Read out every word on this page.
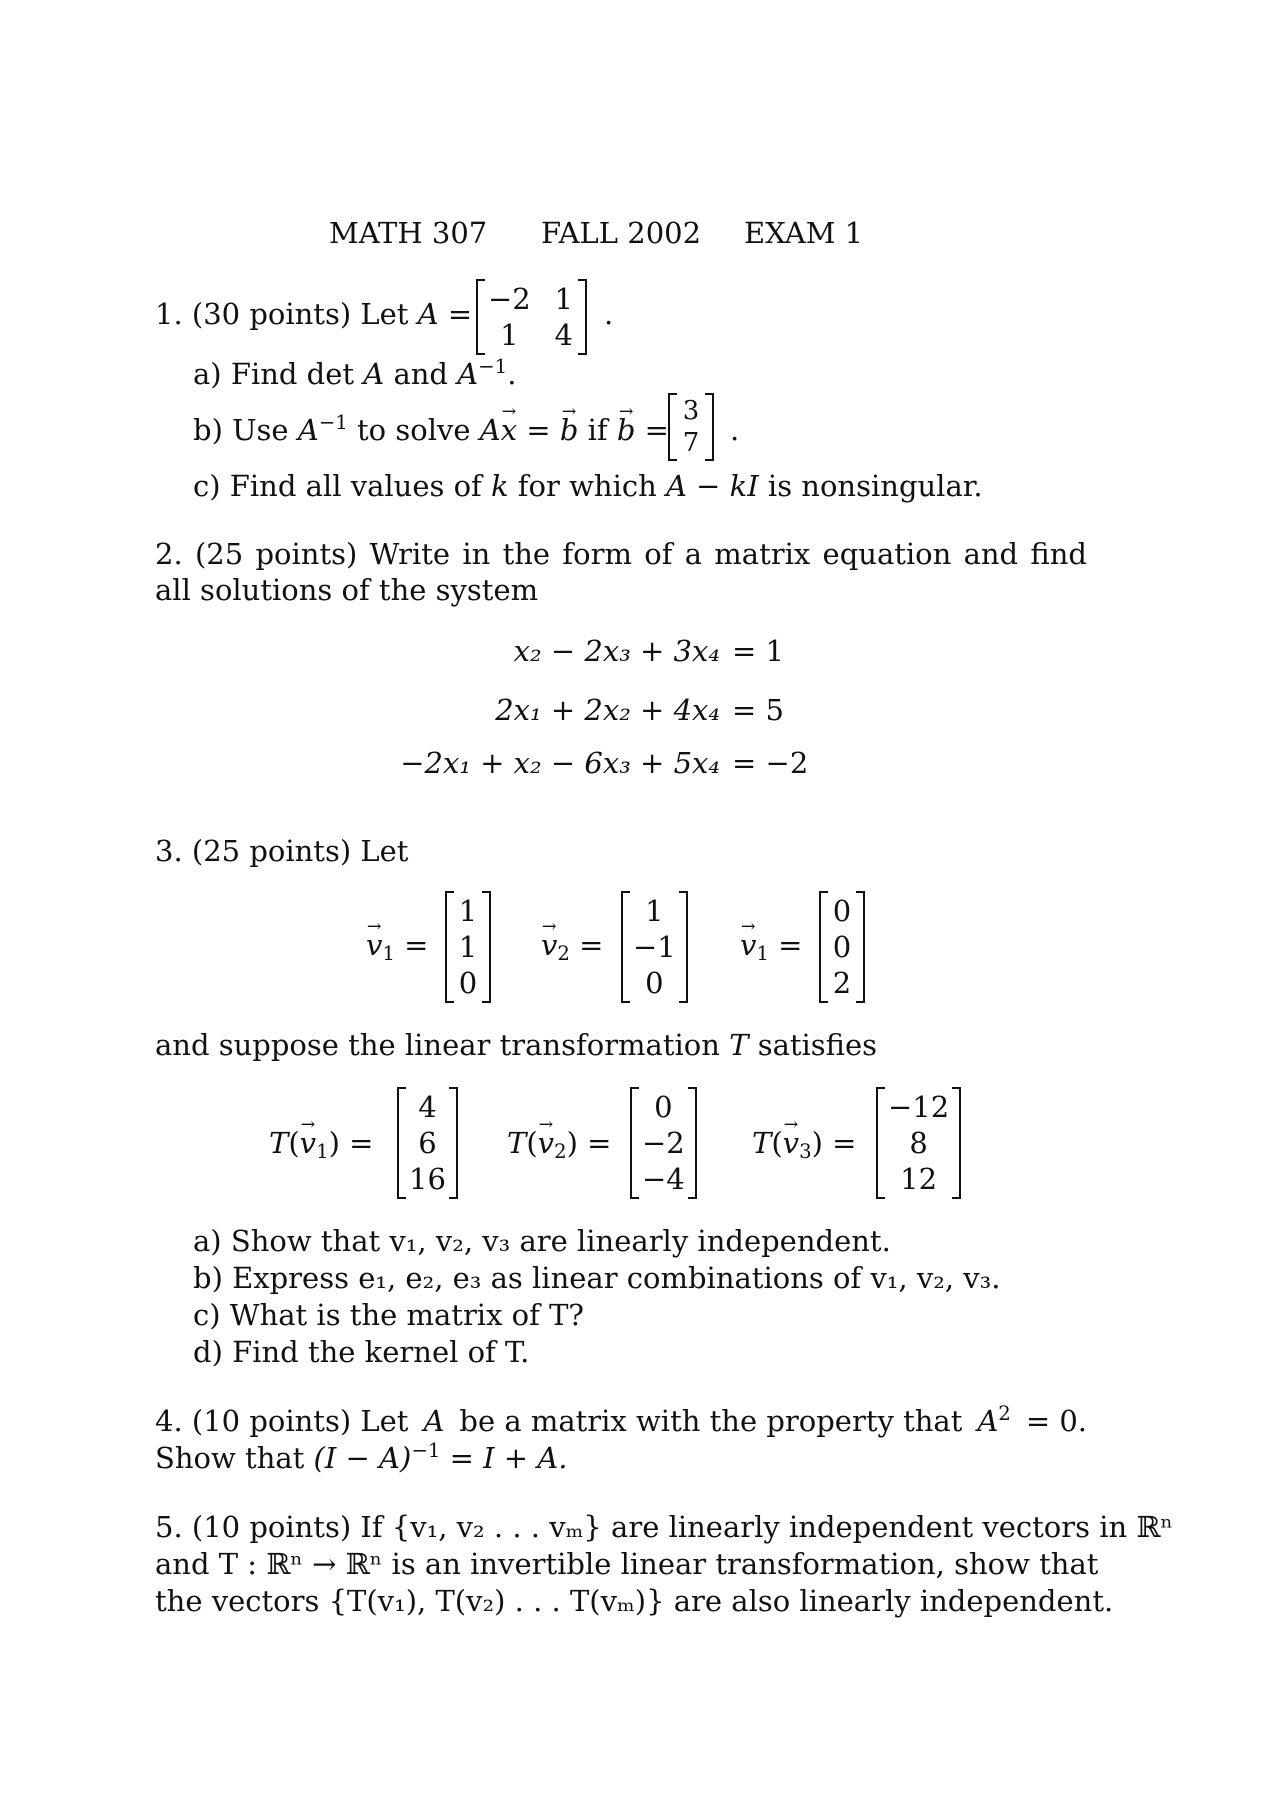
MATH 307 FALL 2002 EXAM 1
1. (30 points) Let A = −2 1
1	4
.
a) Find det A and $A^{-1}$.
b) Use $A^{-1}$ to solve A→ x = → b if → b =
3
7 .
c) Find all values of k for which A − kI is nonsingular.
2. (25 points) Write in the form of a matrix equation and find all solutions of the system
x₂ − 2x₃ + 3x₄ = 1
2x₁ + 2x₂ + 4x₄ = 5
−2x₁ + x₂ − 6x₃ + 5x₄ = −2
3. (25 points) Let
→ $v_1$ =
1
1
0
→ $v_2$ =
1
−1
0
→ $v_1$ =
0
0
2
and suppose the linear transformation T satisfies
$T(\to v_1)$ =
4
6
16
$T(\to v_2)$ =
0
−2
−4
$T(\to v_3)$ =
−12
8
12
a) Show that v₁, v₂, v₃ are linearly independent.
b) Express e₁, e₂, e₃ as linear combinations of v₁, v₂, v₃.
c) What is the matrix of T?
d) Find the kernel of T.
4. (10 points) Let A be a matrix with the property that $A^2 = 0$.
Show that $(I - A)^{-1} = I + A$.
5. (10 points) If {v₁, v₂ . . . vₘ} are linearly independent vectors in ℝⁿ
and T : ℝⁿ → ℝⁿ is an invertible linear transformation, show that
the vectors {T(v₁), T(v₂) . . . T(vₘ)} are also linearly independent.
